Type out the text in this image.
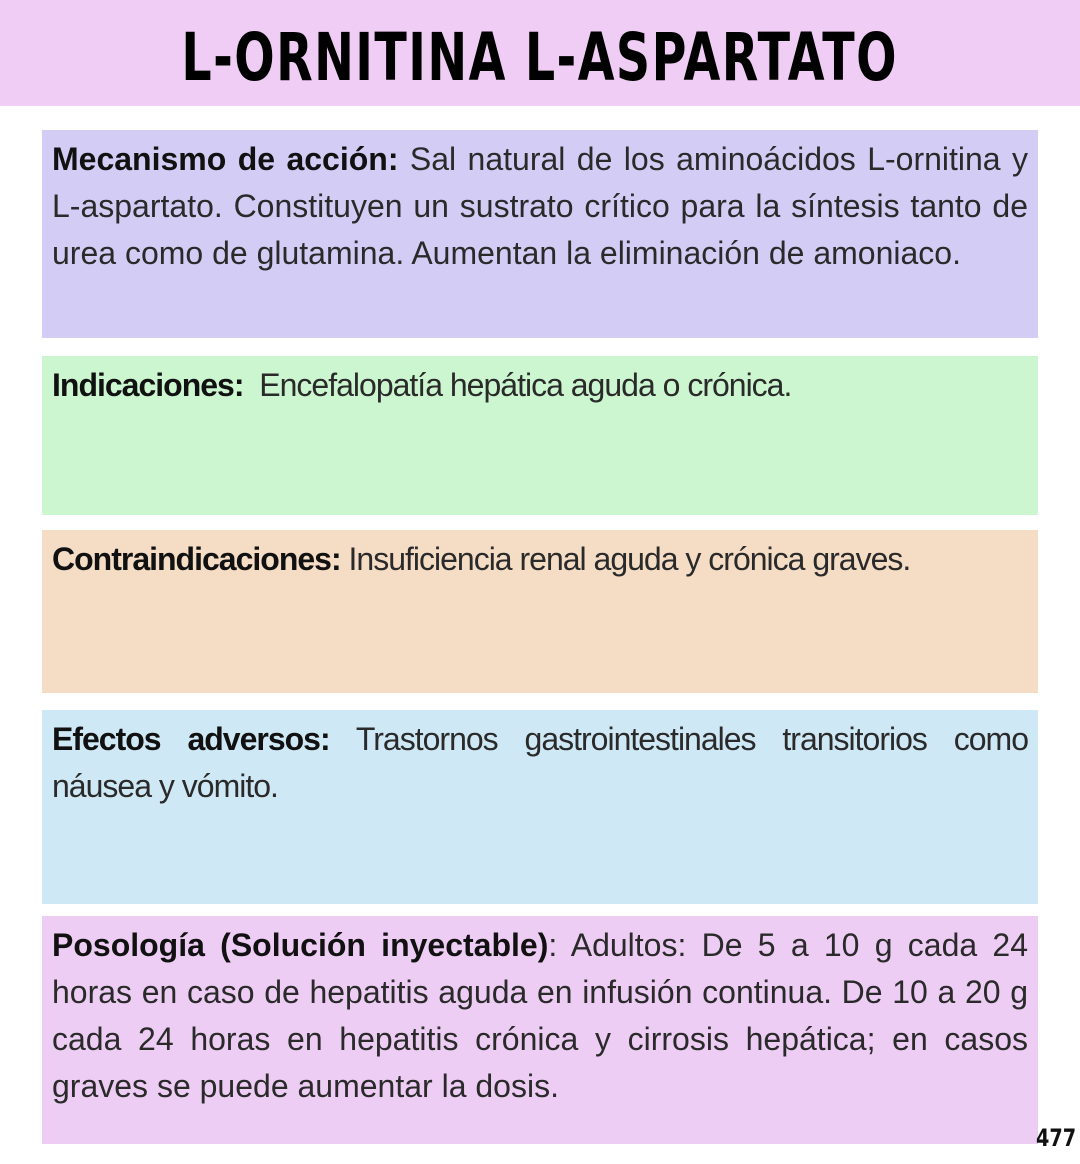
L-ORNITINA L-ASPARTATO
Mecanismo de acción: Sal natural de los aminoácidos L-ornitina y L-aspartato. Constituyen un sustrato crítico para la síntesis tanto de urea como de glutamina. Aumentan la eliminación de amoniaco.
Indicaciones:  Encefalopatía hepática aguda o crónica.
Contraindicaciones: Insuficiencia renal aguda y crónica graves.
Efectos adversos: Trastornos gastrointestinales transitorios como náusea y vómito.
Posología (Solución inyectable): Adultos: De 5 a 10 g cada 24 horas en caso de hepatitis aguda en infusión continua. De 10 a 20 g cada 24 horas en hepatitis crónica y cirrosis hepática; en casos graves se puede aumentar la dosis.
477
